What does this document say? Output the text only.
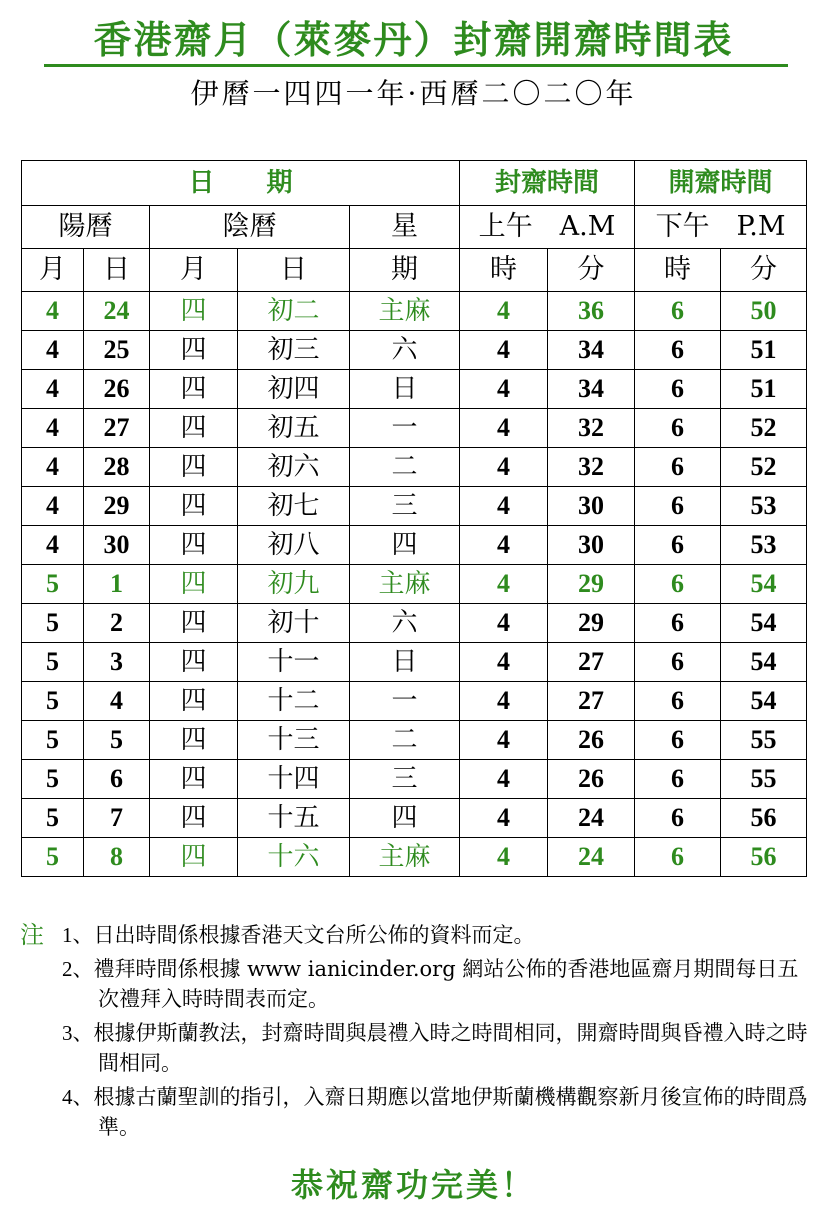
香港齋月（萊麥丹）封齋開齋時間表
伊曆一四四一年·西曆二〇二〇年
日　　期					封齋時間		開齋時間	
陽曆		陰曆		星	上午　A.M		下午　P.M	
月	日	月	日	期	時	分	時	分
4	24	四	初二	主麻	4	36	6	50
4	25	四	初三	六	4	34	6	51
4	26	四	初四	日	4	34	6	51
4	27	四	初五	一	4	32	6	52
4	28	四	初六	二	4	32	6	52
4	29	四	初七	三	4	30	6	53
4	30	四	初八	四	4	30	6	53
5	1	四	初九	主麻	4	29	6	54
5	2	四	初十	六	4	29	6	54
5	3	四	十一	日	4	27	6	54
5	4	四	十二	一	4	27	6	54
5	5	四	十三	二	4	26	6	55
5	6	四	十四	三	4	26	6	55
5	7	四	十五	四	4	24	6	56
5	8	四	十六	主麻	4	24	6	56
注 1、日出時間係根據香港天文台所公佈的資料而定。
2、禮拜時間係根據 www ianicinder.org 網站公佈的香港地區齋月期間每日五次禮拜入時時間表而定。
3、根據伊斯蘭教法，封齋時間與晨禮入時之時間相同，開齋時間與昏禮入時之時間相同。
4、根據古蘭聖訓的指引，入齋日期應以當地伊斯蘭機構觀察新月後宣佈的時間爲準。
恭祝齋功完美！
